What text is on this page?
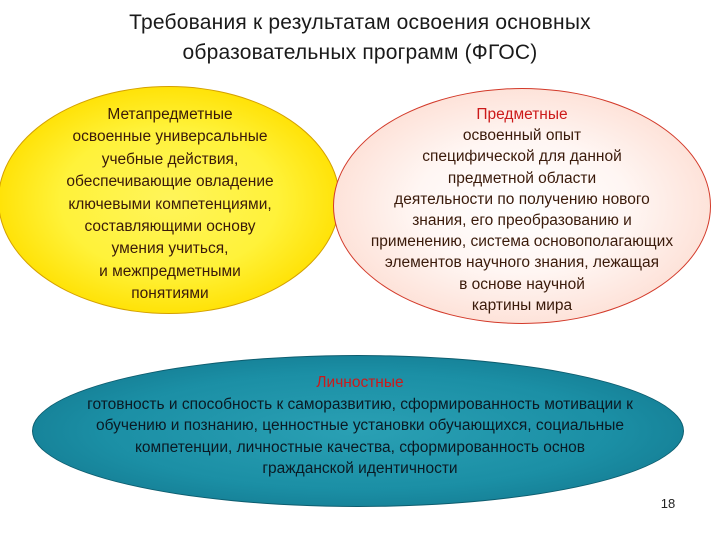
Требования к результатам освоения основных
образовательных программ (ФГОС)
Метапредметные
освоенные универсальные
учебные действия,
обеспечивающие овладение
ключевыми компетенциями,
составляющими основу
умения учиться,
и межпредметными
понятиями
Предметные
освоенный опыт
специфической для данной
предметной области
деятельности по получению нового
знания, его преобразованию и
применению, система основополагающих
элементов научного знания, лежащая
в основе научной
картины мира
Личностные
готовность и способность к саморазвитию, сформированность мотивации к
обучению и познанию, ценностные установки обучающихся, социальные
компетенции, личностные качества, сформированность основ
гражданской идентичности
18
